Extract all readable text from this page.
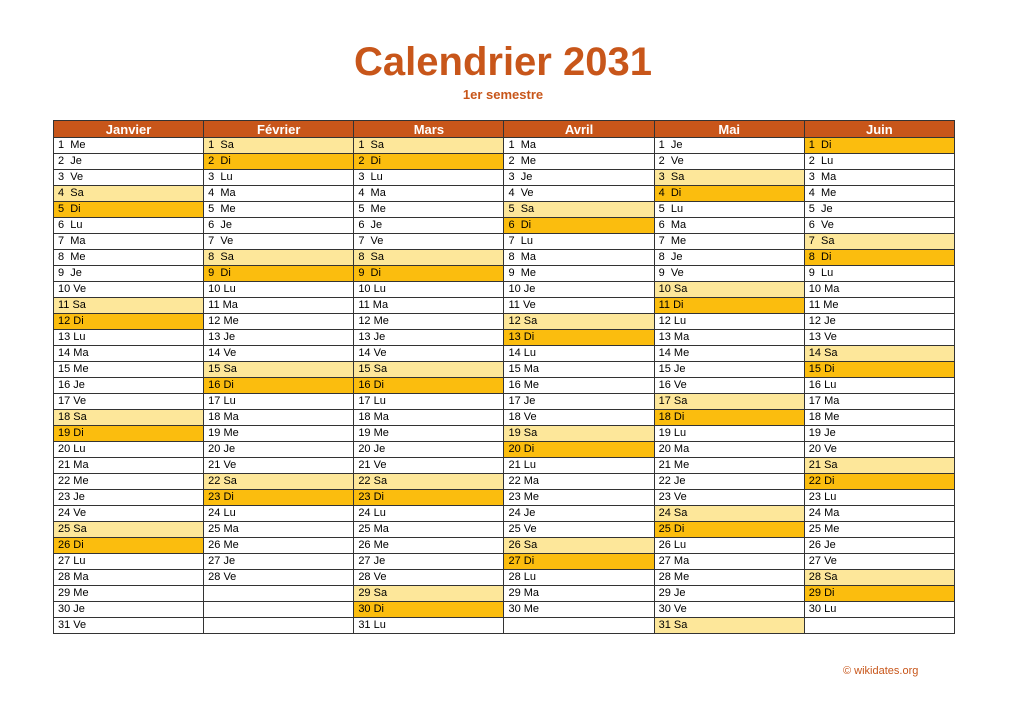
Calendrier 2031
1er semestre
Janvier	Février	Mars	Avril	Mai	Juin
1  Me	1  Sa	1  Sa	1  Ma	1  Je	1  Di
2  Je	2  Di	2  Di	2  Me	2  Ve	2  Lu
3  Ve	3  Lu	3  Lu	3  Je	3  Sa	3  Ma
4  Sa	4  Ma	4  Ma	4  Ve	4  Di	4  Me
5  Di	5  Me	5  Me	5  Sa	5  Lu	5  Je
6  Lu	6  Je	6  Je	6  Di	6  Ma	6  Ve
7  Ma	7  Ve	7  Ve	7  Lu	7  Me	7  Sa
8  Me	8  Sa	8  Sa	8  Ma	8  Je	8  Di
9  Je	9  Di	9  Di	9  Me	9  Ve	9  Lu
10 Ve	10 Lu	10 Lu	10 Je	10 Sa	10 Ma
11 Sa	11 Ma	11 Ma	11 Ve	11 Di	11 Me
12 Di	12 Me	12 Me	12 Sa	12 Lu	12 Je
13 Lu	13 Je	13 Je	13 Di	13 Ma	13 Ve
14 Ma	14 Ve	14 Ve	14 Lu	14 Me	14 Sa
15 Me	15 Sa	15 Sa	15 Ma	15 Je	15 Di
16 Je	16 Di	16 Di	16 Me	16 Ve	16 Lu
17 Ve	17 Lu	17 Lu	17 Je	17 Sa	17 Ma
18 Sa	18 Ma	18 Ma	18 Ve	18 Di	18 Me
19 Di	19 Me	19 Me	19 Sa	19 Lu	19 Je
20 Lu	20 Je	20 Je	20 Di	20 Ma	20 Ve
21 Ma	21 Ve	21 Ve	21 Lu	21 Me	21 Sa
22 Me	22 Sa	22 Sa	22 Ma	22 Je	22 Di
23 Je	23 Di	23 Di	23 Me	23 Ve	23 Lu
24 Ve	24 Lu	24 Lu	24 Je	24 Sa	24 Ma
25 Sa	25 Ma	25 Ma	25 Ve	25 Di	25 Me
26 Di	26 Me	26 Me	26 Sa	26 Lu	26 Je
27 Lu	27 Je	27 Je	27 Di	27 Ma	27 Ve
28 Ma	28 Ve	28 Ve	28 Lu	28 Me	28 Sa
29 Me		29 Sa	29 Ma	29 Je	29 Di
30 Je		30 Di	30 Me	30 Ve	30 Lu
31 Ve		31 Lu		31 Sa	
© wikidates.org
